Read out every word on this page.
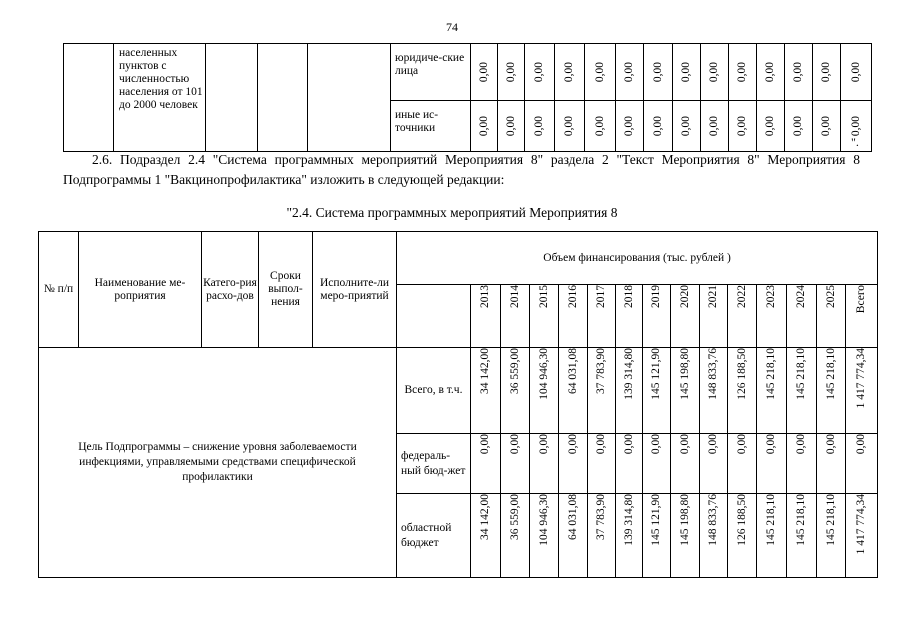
74
	населенных пунктов с численностью населения от 101 до 2000 человек				юридиче-ские лица	0,00	0,00	0,00	0,00	0,00	0,00	0,00	0,00	0,00	0,00	0,00	0,00	0,00	0,00

					иные ис-точники	0,00	0,00	0,00	0,00	0,00	0,00	0,00	0,00	0,00	0,00	0,00	0,00	0,00	0,00
".
2.6. Подраздел 2.4 "Система программных мероприятий Мероприятия 8" раздела 2 "Текст Мероприятия 8" Мероприятия 8 Подпрограммы 1 "Вакцинопрофилактика" изложить в следующей редакции:
"2.4. Система программных мероприятий Мероприятия 8
№ п/п	Наименование ме-роприятия	Катего-рия расхо-дов	Сроки выпол-нения	Исполните-ли меро-приятий	Объем финансирования (тыс. рублей )														

						2013	2014	2015	2016	2017	2018	2019	2020	2021	2022	2023	2024	2025	Всего

Цель Подпрограммы – снижение уровня заболеваемости инфекциями, управляемыми средствами специфической профилактики					Всего, в т.ч.	34 142,00	36 559,00	104 946,30	64 031,08	37 783,90	139 314,80	145 121,90	145 198,80	148 833,76	126 188,50	145 218,10	145 218,10	145 218,10	1 417 774,34

					федераль-ный бюд-жет	0,00	0,00	0,00	0,00	0,00	0,00	0,00	0,00	0,00	0,00	0,00	0,00	0,00	0,00

					областной бюджет	34 142,00	36 559,00	104 946,30	64 031,08	37 783,90	139 314,80	145 121,90	145 198,80	148 833,76	126 188,50	145 218,10	145 218,10	145 218,10	1 417 774,34
